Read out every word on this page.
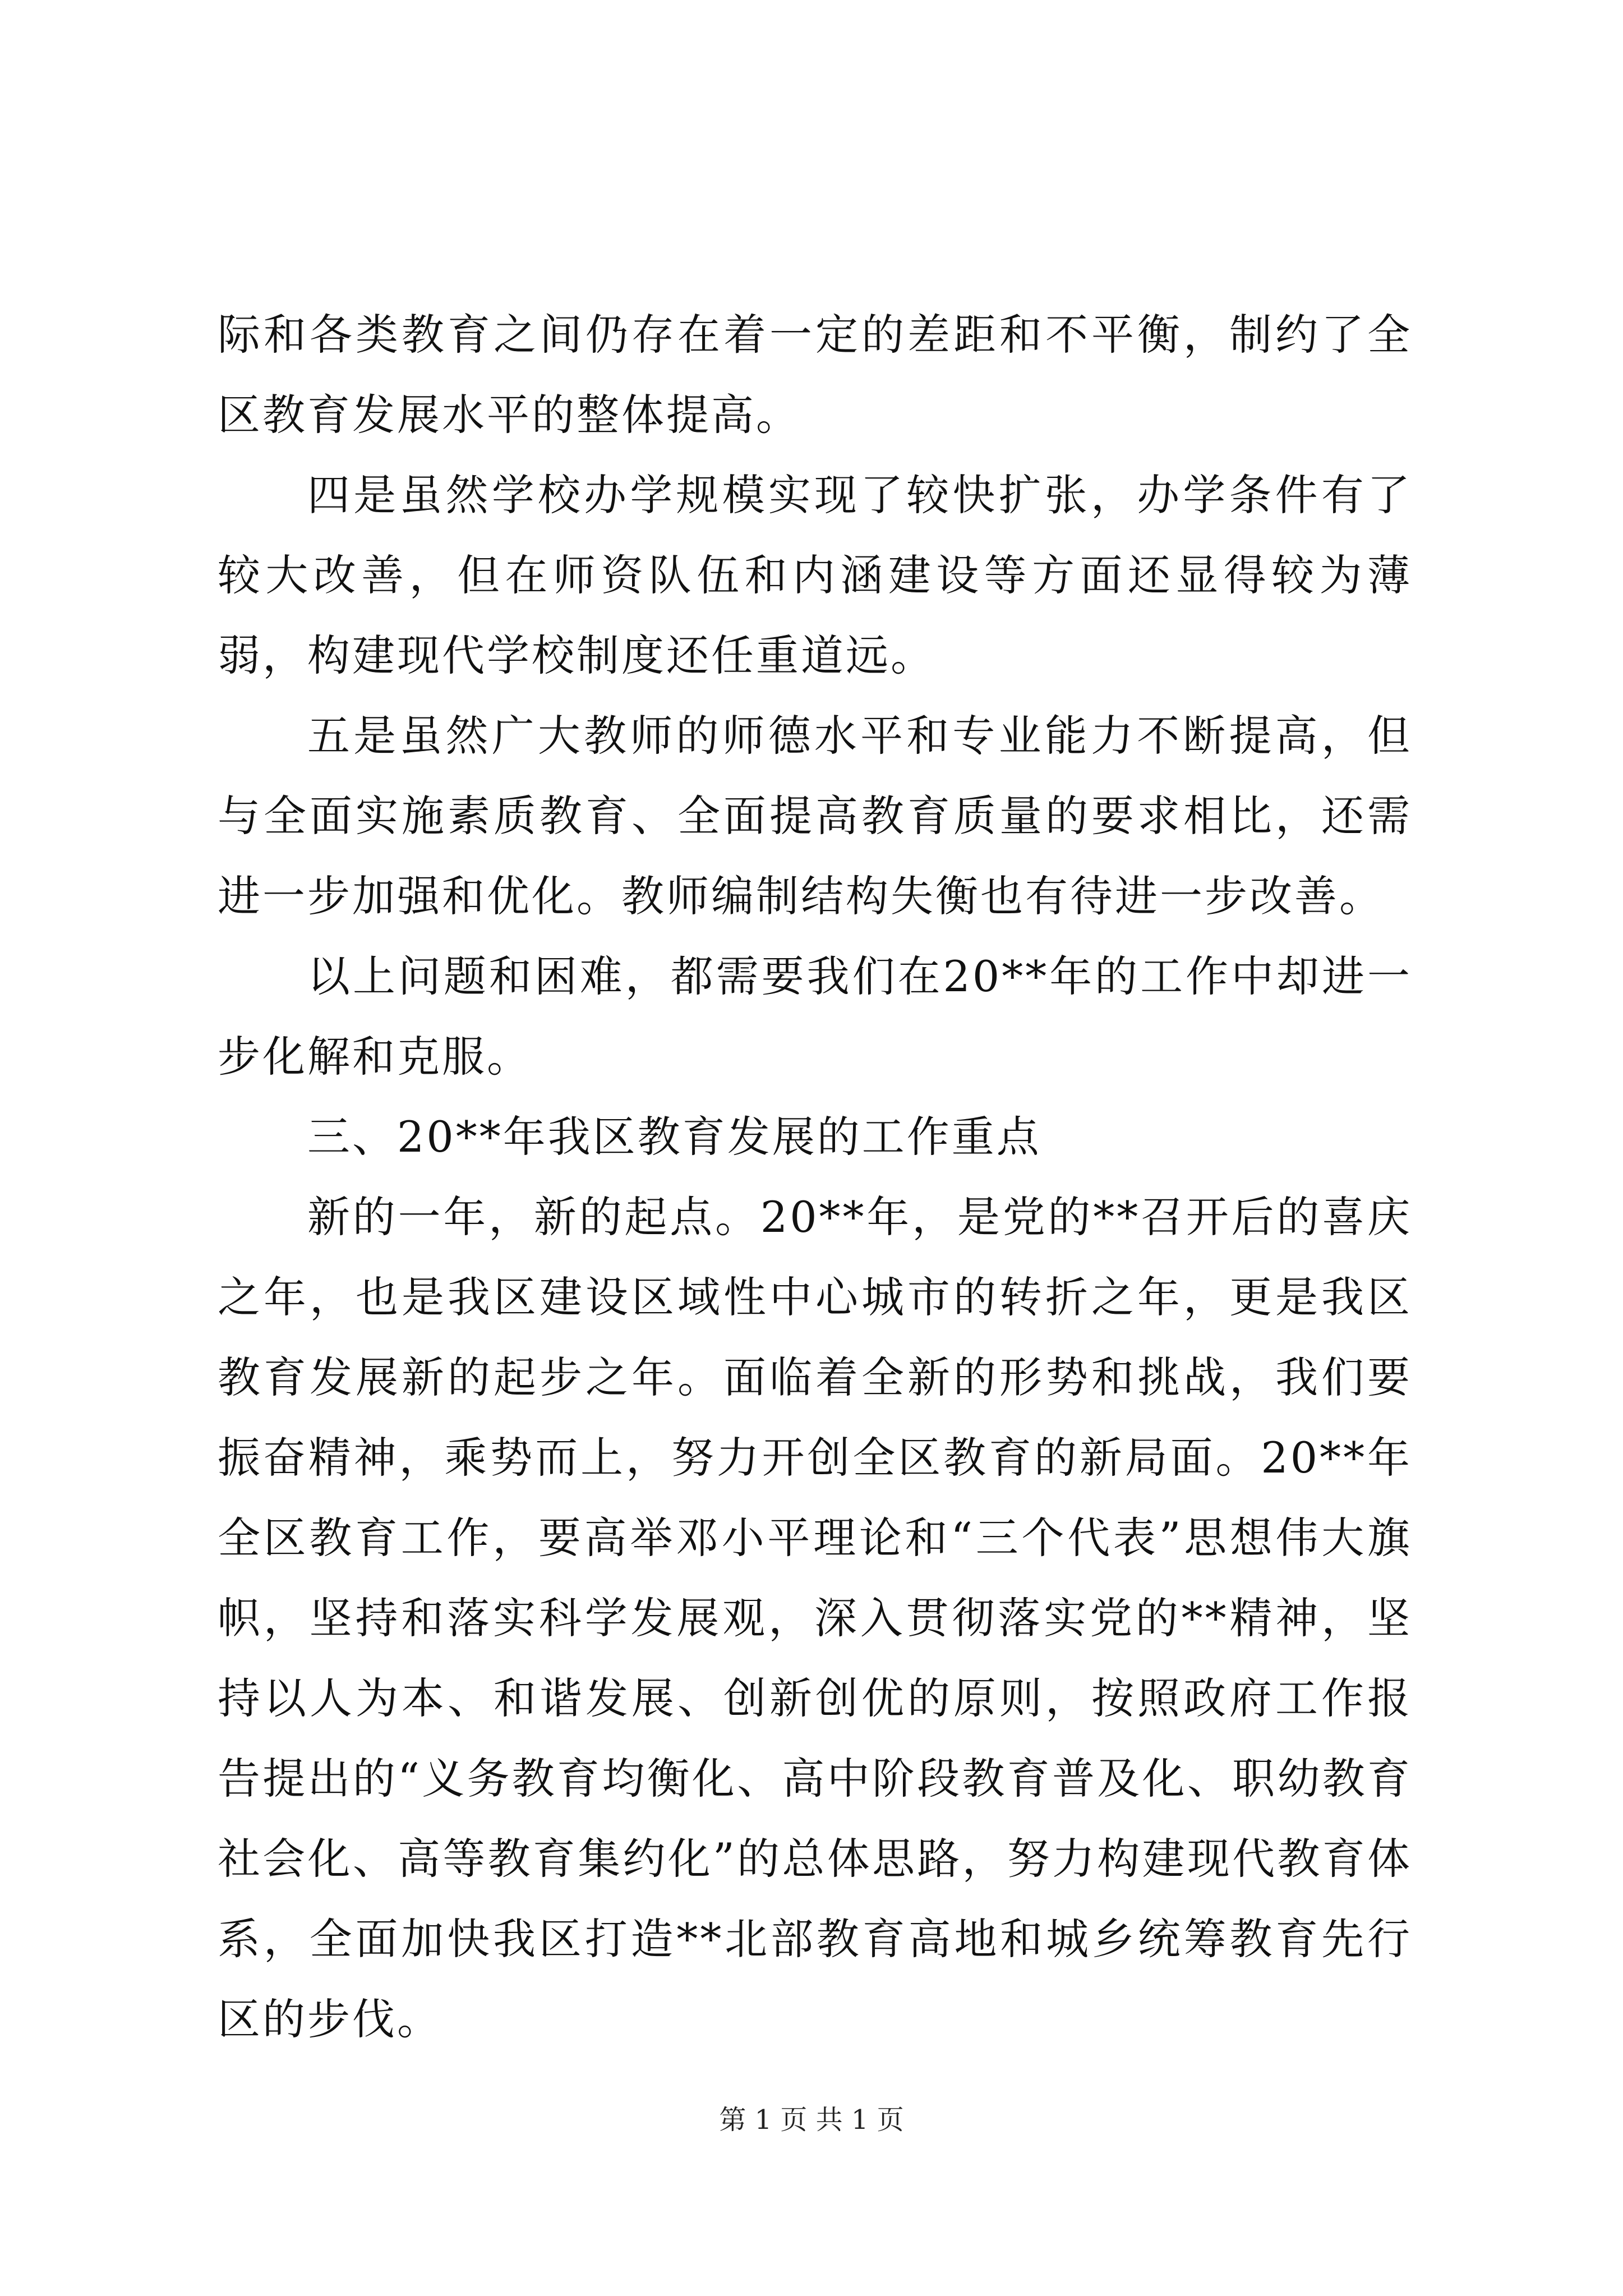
际和各类教育之间仍存在着一定的差距和不平衡，制约了全区教育发展水平的整体提高。

四是虽然学校办学规模实现了较快扩张，办学条件有了较大改善，但在师资队伍和内涵建设等方面还显得较为薄弱，构建现代学校制度还任重道远。

五是虽然广大教师的师德水平和专业能力不断提高，但与全面实施素质教育、全面提高教育质量的要求相比，还需进一步加强和优化。教师编制结构失衡也有待进一步改善。

以上问题和困难，都需要我们在20**年的工作中却进一步化解和克服。

三、20**年我区教育发展的工作重点

新的一年，新的起点。20**年，是党的**召开后的喜庆之年，也是我区建设区域性中心城市的转折之年，更是我区教育发展新的起步之年。面临着全新的形势和挑战，我们要振奋精神，乘势而上，努力开创全区教育的新局面。20**年全区教育工作，要高举邓小平理论和“三个代表”思想伟大旗帜，坚持和落实科学发展观，深入贯彻落实党的**精神，坚持以人为本、和谐发展、创新创优的原则，按照政府工作报告提出的“义务教育均衡化、高中阶段教育普及化、职幼教育社会化、高等教育集约化”的总体思路，努力构建现代教育体系，全面加快我区打造**北部教育高地和城乡统筹教育先行区的步伐。

第 1 页 共 1 页
